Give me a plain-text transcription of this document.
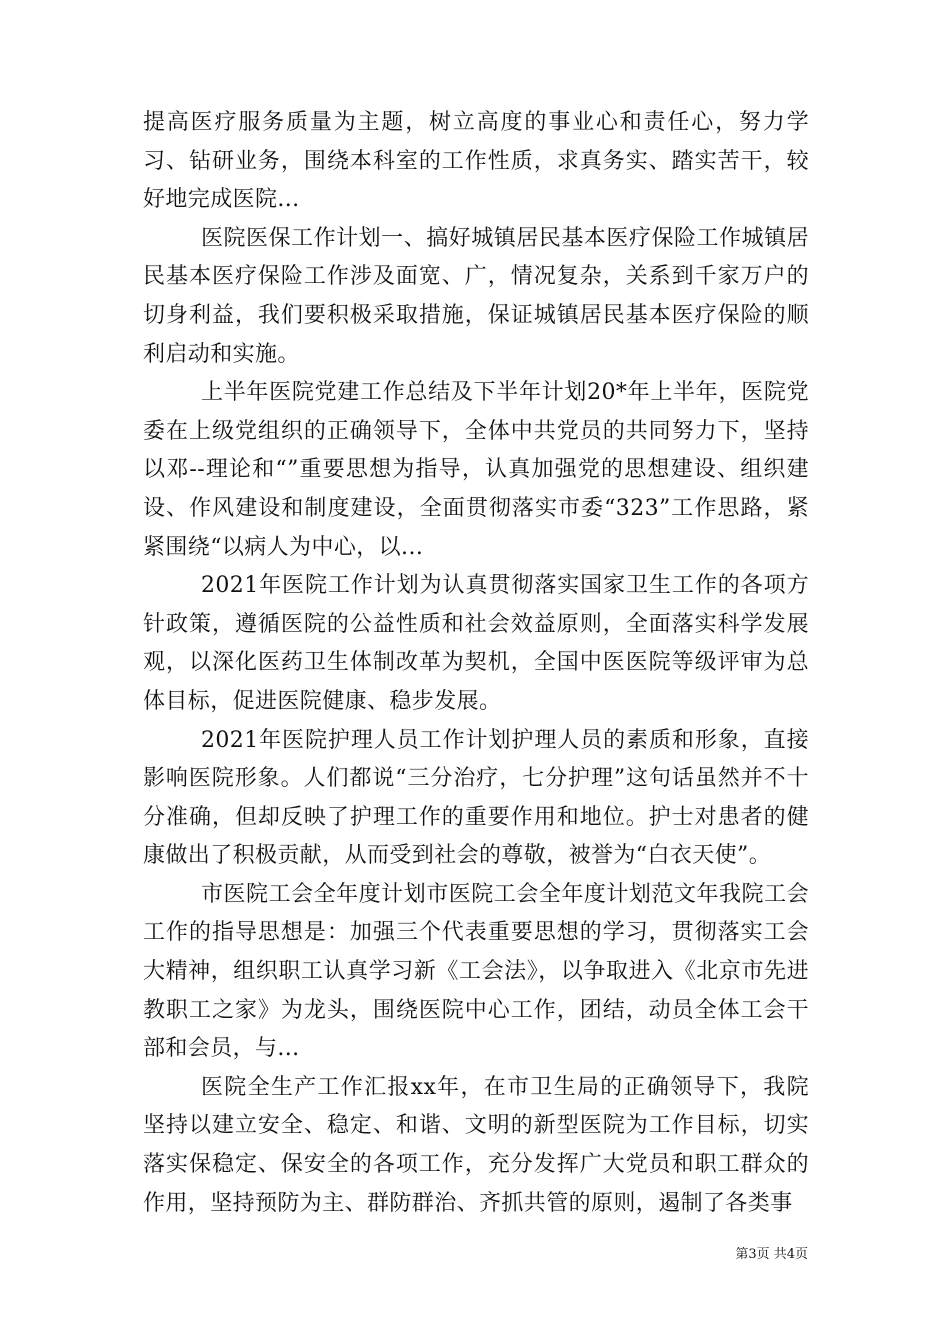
提高医疗服务质量为主题，树立高度的事业心和责任心，努力学习、钻研业务，围绕本科室的工作性质，求真务实、踏实苦干，较好地完成医院...

医院医保工作计划一、搞好城镇居民基本医疗保险工作城镇居民基本医疗保险工作涉及面宽、广，情况复杂，关系到千家万户的切身利益，我们要积极采取措施，保证城镇居民基本医疗保险的顺利启动和实施。

上半年医院党建工作总结及下半年计划20*年上半年，医院党委在上级党组织的正确领导下，全体中共党员的共同努力下，坚持以邓--理论和“”重要思想为指导，认真加强党的思想建设、组织建设、作风建设和制度建设，全面贯彻落实市委“323”工作思路，紧紧围绕“以病人为中心，以...

2021年医院工作计划为认真贯彻落实国家卫生工作的各项方针政策，遵循医院的公益性质和社会效益原则，全面落实科学发展观，以深化医药卫生体制改革为契机，全国中医医院等级评审为总体目标，促进医院健康、稳步发展。

2021年医院护理人员工作计划护理人员的素质和形象，直接影响医院形象。人们都说“三分治疗，七分护理”这句话虽然并不十分准确，但却反映了护理工作的重要作用和地位。护士对患者的健康做出了积极贡献，从而受到社会的尊敬，被誉为“白衣天使”。

市医院工会全年度计划市医院工会全年度计划范文年我院工会工作的指导思想是：加强三个代表重要思想的学习，贯彻落实工会大精神，组织职工认真学习新《工会法》，以争取进入《北京市先进教职工之家》为龙头，围绕医院中心工作，团结，动员全体工会干部和会员，与...

医院全生产工作汇报xx年，在市卫生局的正确领导下，我院坚持以建立安全、稳定、和谐、文明的新型医院为工作目标，切实落实保稳定、保安全的各项工作，充分发挥广大党员和职工群众的作用，坚持预防为主、群防群治、齐抓共管的原则，遏制了各类事

第3页 共4页
